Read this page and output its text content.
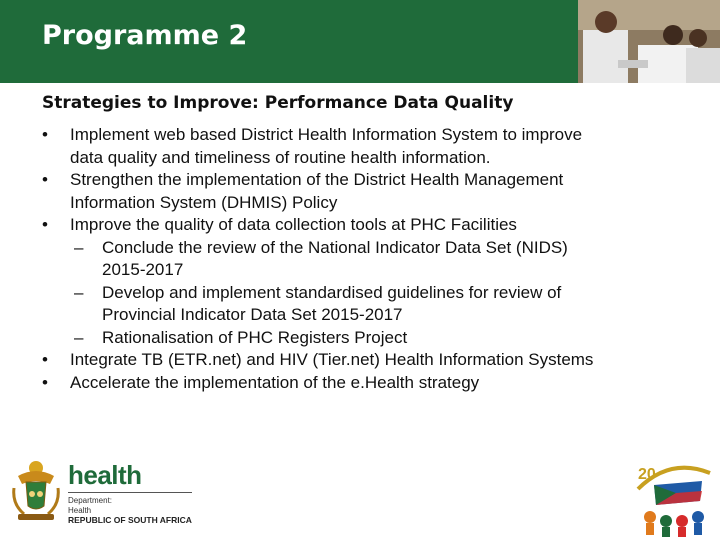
Programme 2
Strategies to Improve: Performance Data Quality
• Implement web based District Health Information System to improve
data quality and timeliness of routine health information.
• Strengthen the implementation of the District Health Management
Information System (DHMIS) Policy
• Improve the quality of data collection tools at PHC Facilities
– Conclude the review of the National Indicator Data Set (NIDS)
2015-2017
– Develop and implement standardised guidelines for review of
Provincial Indicator Data Set 2015-2017
– Rationalisation of PHC Registers Project
• Integrate TB (ETR.net) and HIV (Tier.net) Health Information Systems
• Accelerate the implementation of the e.Health strategy
health
Department:
Health
REPUBLIC OF SOUTH AFRICA
20
